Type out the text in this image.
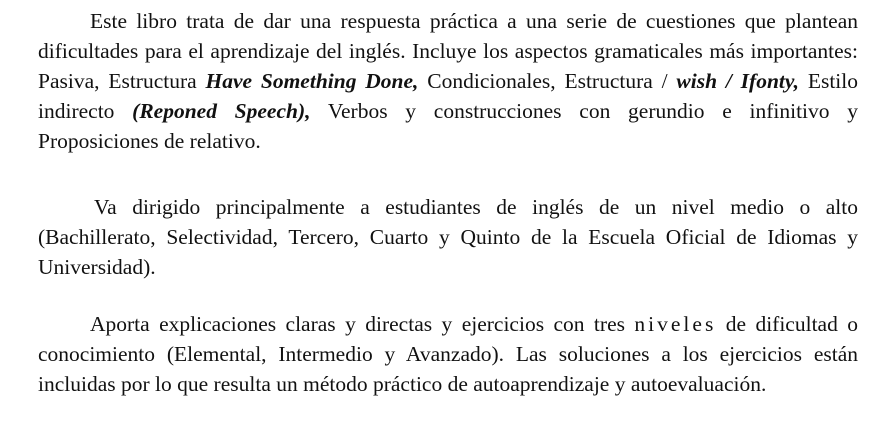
Este libro trata de dar una respuesta práctica a una serie de cuestiones que plantean dificultades para el aprendizaje del inglés. Incluye los aspectos gramaticales más importantes: Pasiva, Estructura Have Something Done, Condicionales, Estructura / wish / Ifonty, Estilo indirecto (Reponed Speech), Verbos y construcciones con gerundio e infinitivo y Proposiciones de relativo.

Va dirigido principalmente a estudiantes de inglés de un nivel medio o alto (Bachillerato, Selectividad, Tercero, Cuarto y Quinto de la Escuela Oficial de Idiomas y Universidad).

Aporta explicaciones claras y directas y ejercicios con tres niveles de dificultad o conocimiento (Elemental, Intermedio y Avanzado). Las soluciones a los ejercicios están incluidas por lo que resulta un método práctico de autoaprendizaje y autoevaluación.
